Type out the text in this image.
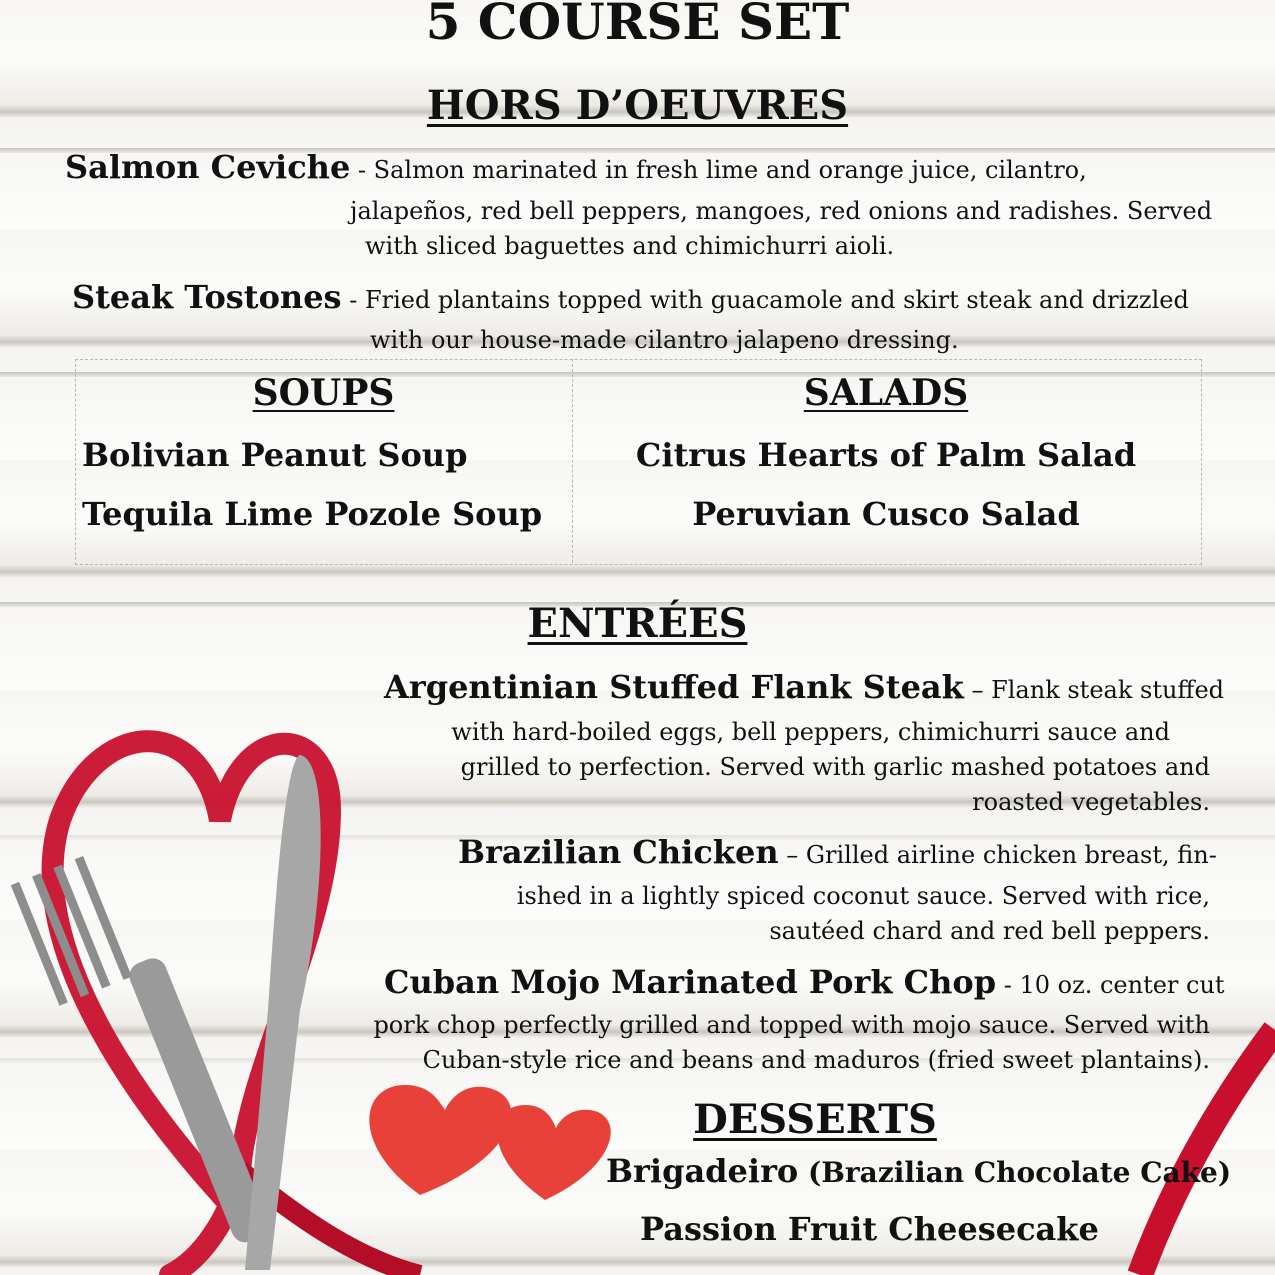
5 COURSE SET
HORS D’OEUVRES
Salmon Ceviche - Salmon marinated in fresh lime and orange juice, cilantro,
jalapeños, red bell peppers, mangoes, red onions and radishes. Served
with sliced baguettes and chimichurri aioli.
Steak Tostones - Fried plantains topped with guacamole and skirt steak and drizzled
with our house-made cilantro jalapeno dressing.
SOUPS	SALADS
Bolivian Peanut Soup
Tequila Lime Pozole Soup
Citrus Hearts of Palm Salad
Peruvian Cusco Salad
ENTRÉES
Argentinian Stuffed Flank Steak – Flank steak stuffed
with hard-boiled eggs, bell peppers, chimichurri sauce and
grilled to perfection. Served with garlic mashed potatoes and
roasted vegetables.
Brazilian Chicken – Grilled airline chicken breast, fin-
ished in a lightly spiced coconut sauce. Served with rice,
sautéed chard and red bell peppers.
Cuban Mojo Marinated Pork Chop - 10 oz. center cut
pork chop perfectly grilled and topped with mojo sauce. Served with
Cuban-style rice and beans and maduros (fried sweet plantains).
DESSERTS
Brigadeiro (Brazilian Chocolate Cake)
Passion Fruit Cheesecake
